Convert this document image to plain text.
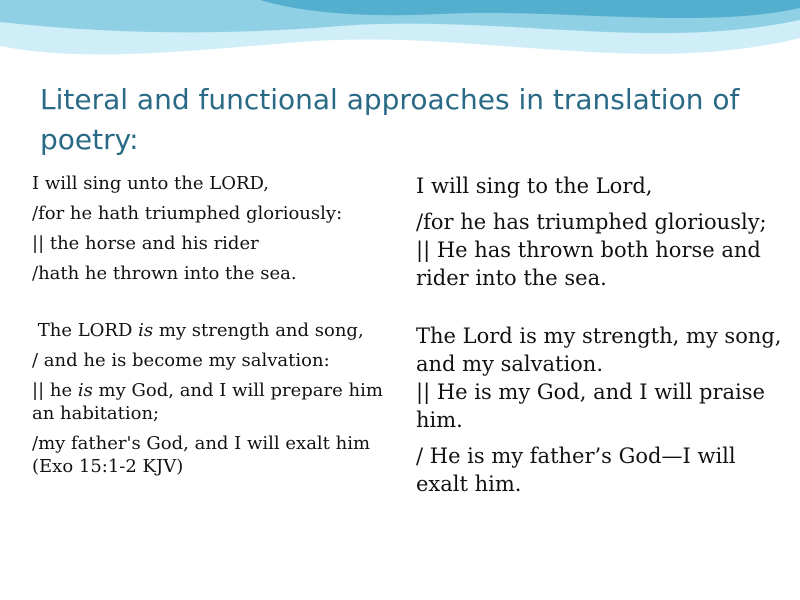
Literal and functional approaches in translation of poetry:

I will sing unto the LORD,

/for he hath triumphed gloriously:

|| the horse and his rider

/hath he thrown into the sea.

The LORD is my strength and song,

/ and he is become my salvation:

|| he is my God, and I will prepare him an habitation;

/my father's God, and I will exalt him (Exo 15:1-2 KJV)

I will sing to the Lord,

/for he has triumphed gloriously;
|| He has thrown both horse and rider into the sea.

The Lord is my strength, my song, and my salvation.
|| He is my God, and I will praise him.

/ He is my father’s God—I will exalt him.
